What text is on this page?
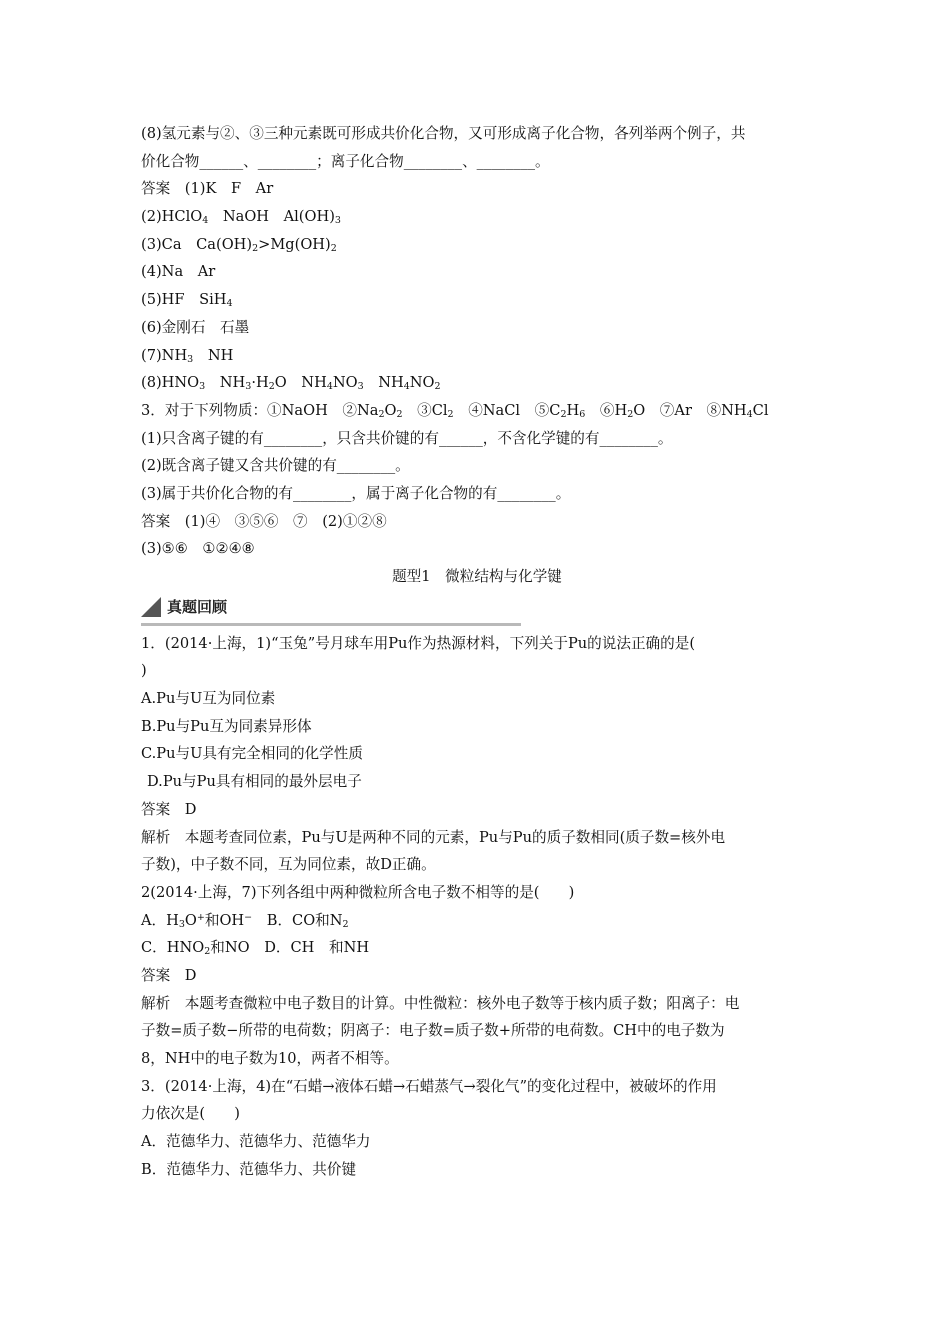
(8)氢元素与②、③三种元素既可形成共价化合物，又可形成离子化合物，各列举两个例子，共
价化合物______、________；离子化合物________、________。
答案　(1)K　F　Ar
(2)HClO$_4$　NaOH　$Al(OH)_3$
(3)Ca　$Ca(OH)_2>Mg(OH)_2$
(4)Na　Ar
(5)HF　SiH$_4$
(6)金刚石　石墨
$(7)NH_3$　NH
$(8)HNO_3$　$NH_3\cdot H_2O$　$NH_4NO_3$　$NH_4NO_2$
3．对于下列物质：①NaOH　$②Na_2O_2$　$③Cl_2$　④NaCl　$⑤C_2H_6$　$⑥H_2O$　⑦Ar　$⑧NH_4Cl$
(1)只含离子键的有________，只含共价键的有______，不含化学键的有________。
(2)既含离子键又含共价键的有________。
(3)属于共价化合物的有________，属于离子化合物的有________。
答案　(1)④　③⑤⑥　⑦　(2)①②⑧
(3)⑤⑥　①②④⑧
题型1　微粒结构与化学键
真题回顾
1．(2014·上海，1)“玉兔”号月球车用Pu作为热源材料，下列关于Pu的说法正确的是(
)
A.Pu与U互为同位素
B.Pu与Pu互为同素异形体
C.Pu与U具有完全相同的化学性质
D.Pu与Pu具有相同的最外层电子
答案　D
解析　本题考查同位素，Pu与U是两种不同的元素，Pu与Pu的质子数相同(质子数=核外电
子数)，中子数不同，互为同位素，故D正确。
2(2014·上海，7)下列各组中两种微粒所含电子数不相等的是(　　)
A．$H_3O^+$和OH−　B．CO和$N_2$
C．$HNO_2$和NO　D．CH　和NH
答案　D
解析　本题考查微粒中电子数目的计算。中性微粒：核外电子数等于核内质子数；阳离子：电
子数=质子数−所带的电荷数；阴离子：电子数=质子数+所带的电荷数。CH中的电子数为
8，NH中的电子数为10，两者不相等。
3．(2014·上海，4)在“石蜡→液体石蜡→石蜡蒸气→裂化气”的变化过程中，被破坏的作用
力依次是(　　)
A．范德华力、范德华力、范德华力
B．范德华力、范德华力、共价键
